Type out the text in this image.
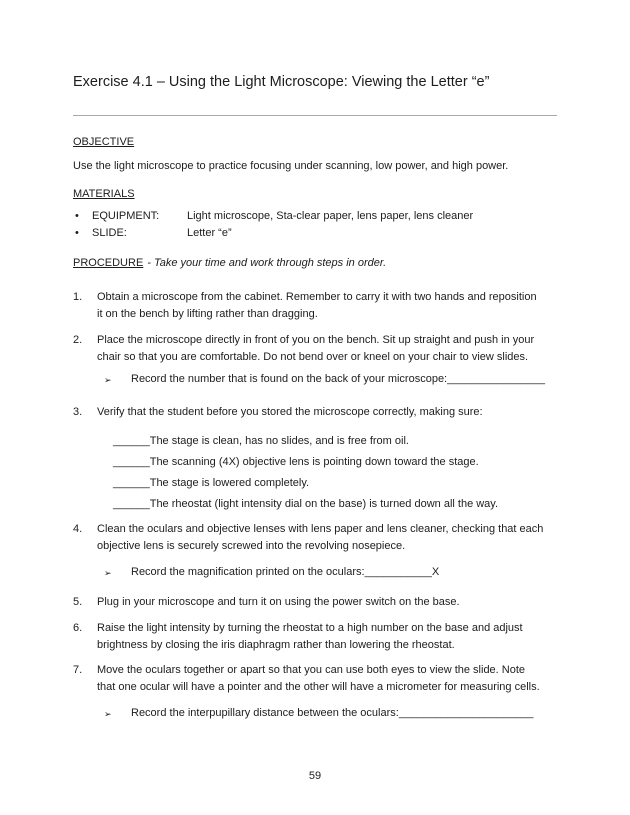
Exercise 4.1 – Using the Light Microscope: Viewing the Letter “e”
OBJECTIVE
Use the light microscope to practice focusing under scanning, low power, and high power.
MATERIALS
•	EQUIPMENT:	Light microscope, Sta-clear paper, lens paper, lens cleaner
•	SLIDE:	Letter “e”
PROCEDURE - Take your time and work through steps in order.
1.	Obtain a microscope from the cabinet. Remember to carry it with two hands and reposition
it on the bench by lifting rather than dragging.
2.	Place the microscope directly in front of you on the bench. Sit up straight and push in your
chair so that you are comfortable. Do not bend over or kneel on your chair to view slides.
➢	Record the number that is found on the back of your microscope:________________
3.	Verify that the student before you stored the microscope correctly, making sure:
______The stage is clean, has no slides, and is free from oil.
______The scanning (4X) objective lens is pointing down toward the stage.
______The stage is lowered completely.
______The rheostat (light intensity dial on the base) is turned down all the way.
4.	Clean the oculars and objective lenses with lens paper and lens cleaner, checking that each
objective lens is securely screwed into the revolving nosepiece.
➢	Record the magnification printed on the oculars:___________X
5.	Plug in your microscope and turn it on using the power switch on the base.
6.	Raise the light intensity by turning the rheostat to a high number on the base and adjust
brightness by closing the iris diaphragm rather than lowering the rheostat.
7.	Move the oculars together or apart so that you can use both eyes to view the slide. Note
that one ocular will have a pointer and the other will have a micrometer for measuring cells.
➢	Record the interpupillary distance between the oculars:______________________
59
